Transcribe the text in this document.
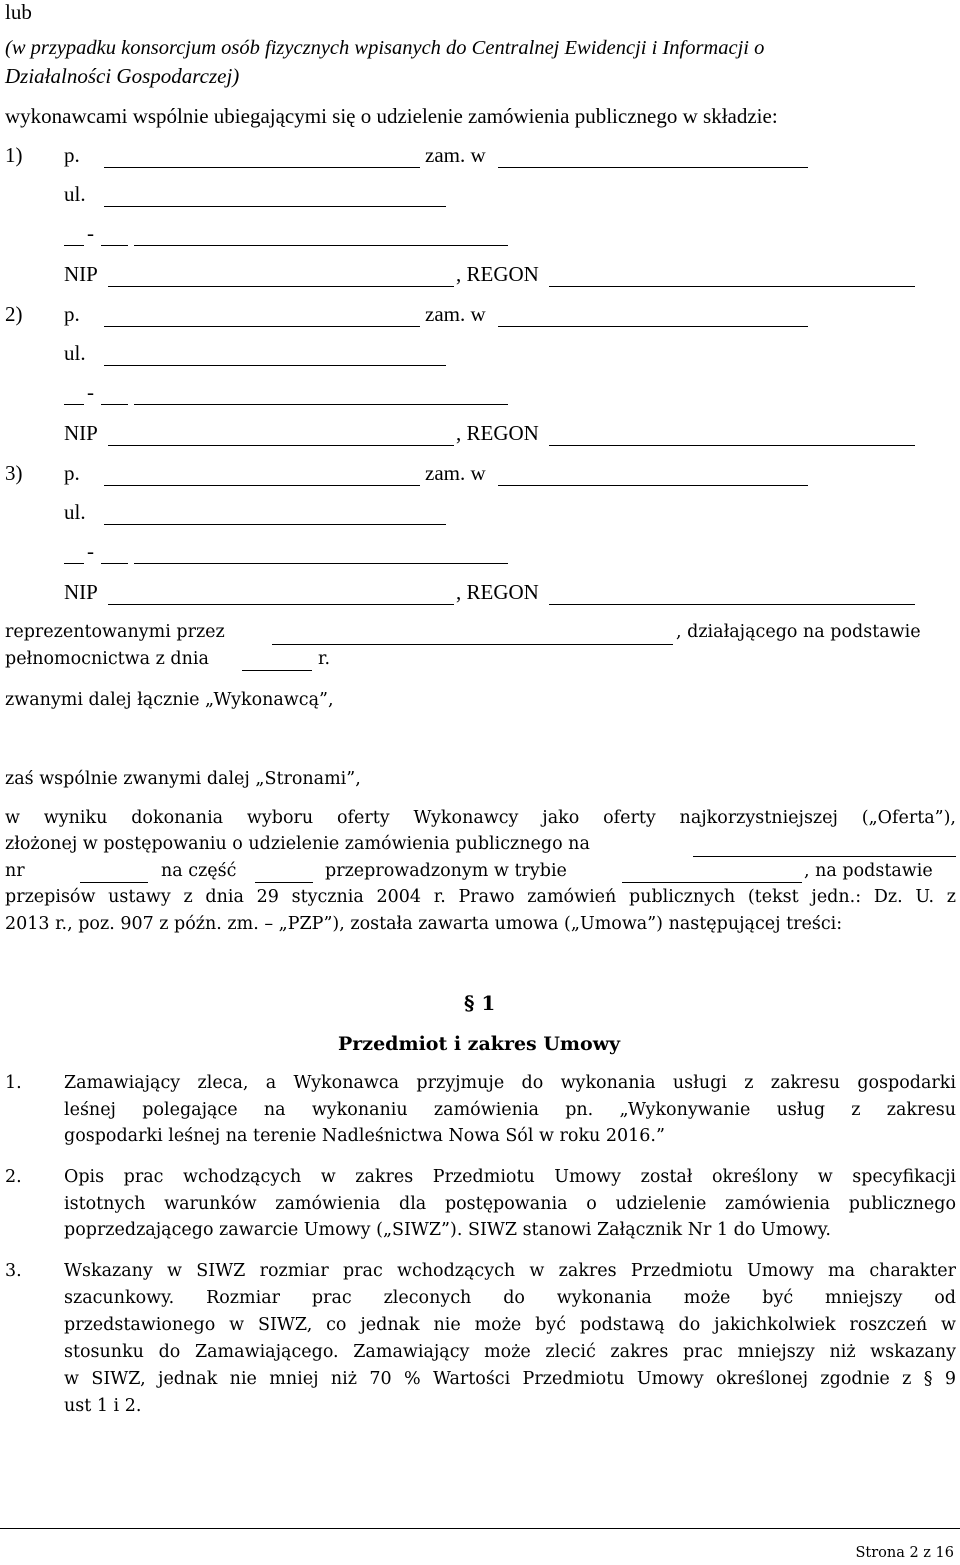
lub
(w przypadku konsorcjum osób fizycznych wpisanych do Centralnej Ewidencji i Informacji o
Działalności Gospodarczej)
wykonawcami wspólnie ubiegającymi się o udzielenie zamówienia publicznego w składzie:
1) p.	zam. w
ul.
-
NIP	, REGON
2) p.	zam. w
ul.
-
NIP	, REGON
3) p.	zam. w
ul.
-
NIP	, REGON
reprezentowanymi przez	, działającego na podstawie
pełnomocnictwa z dnia	r.
zwanymi dalej łącznie „Wykonawcą”,
zaś wspólnie zwanymi dalej „Stronami”,
w wyniku dokonania wyboru oferty Wykonawcy jako oferty najkorzystniejszej („Oferta”),
złożonej w postępowaniu o udzielenie zamówienia publicznego na
nr	na część	przeprowadzonym w trybie	, na podstawie
przepisów ustawy z dnia 29 stycznia 2004 r. Prawo zamówień publicznych (tekst jedn.: Dz. U. z
2013 r., poz. 907 z późn. zm. – „PZP”), została zawarta umowa („Umowa”) następującej treści:
§ 1
Przedmiot i zakres Umowy
1. Zamawiający zleca, a Wykonawca przyjmuje do wykonania usługi z zakresu gospodarki
leśnej polegające na wykonaniu zamówienia pn. „Wykonywanie usług z zakresu
gospodarki leśnej na terenie Nadleśnictwa Nowa Sól w roku 2016.”
2. Opis prac wchodzących w zakres Przedmiotu Umowy został określony w specyfikacji
istotnych warunków zamówienia dla postępowania o udzielenie zamówienia publicznego
poprzedzającego zawarcie Umowy („SIWZ”). SIWZ stanowi Załącznik Nr 1 do Umowy.
3. Wskazany w SIWZ rozmiar prac wchodzących w zakres Przedmiotu Umowy ma charakter
szacunkowy. Rozmiar prac zleconych do wykonania może być mniejszy od
przedstawionego w SIWZ, co jednak nie może być podstawą do jakichkolwiek roszczeń w
stosunku do Zamawiającego. Zamawiający może zlecić zakres prac mniejszy niż wskazany
w SIWZ, jednak nie mniej niż 70 % Wartości Przedmiotu Umowy określonej zgodnie z § 9
ust 1 i 2.
Strona 2 z 16
